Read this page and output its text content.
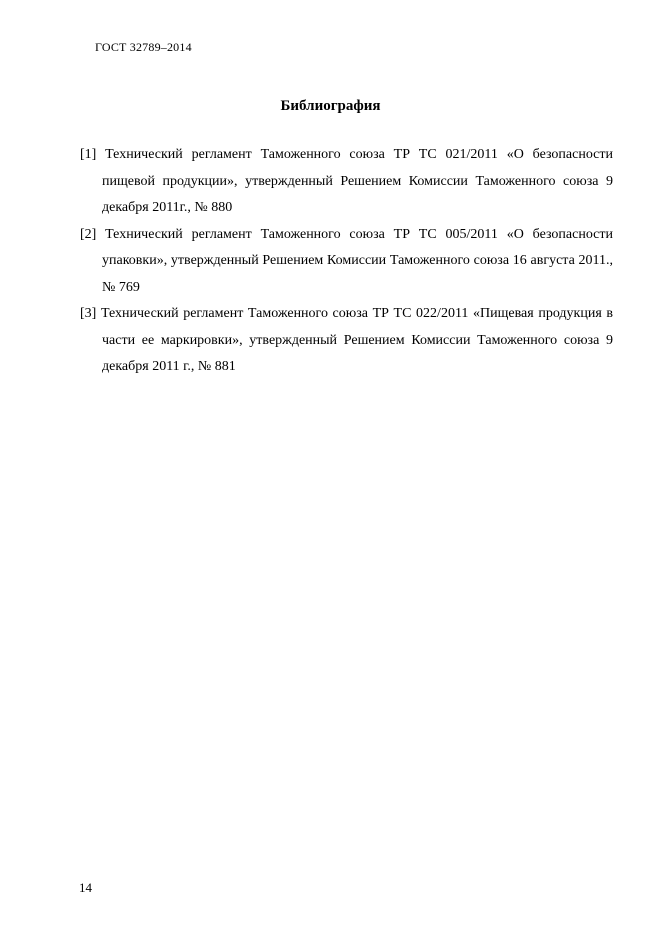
ГОСТ 32789–2014
Библиография
[1] Технический регламент Таможенного союза ТР ТС 021/2011 «О безопасности пищевой продукции», утвержденный Решением Комиссии Таможенного союза 9 декабря 2011г., № 880
[2] Технический регламент Таможенного союза ТР ТС 005/2011 «О безопасности упаковки», утвержденный Решением Комиссии Таможенного союза 16 августа 2011., № 769
[3] Технический регламент Таможенного союза ТР ТС 022/2011 «Пищевая продукция в части ее маркировки», утвержденный Решением Комиссии Таможенного союза 9 декабря 2011 г., № 881
14
